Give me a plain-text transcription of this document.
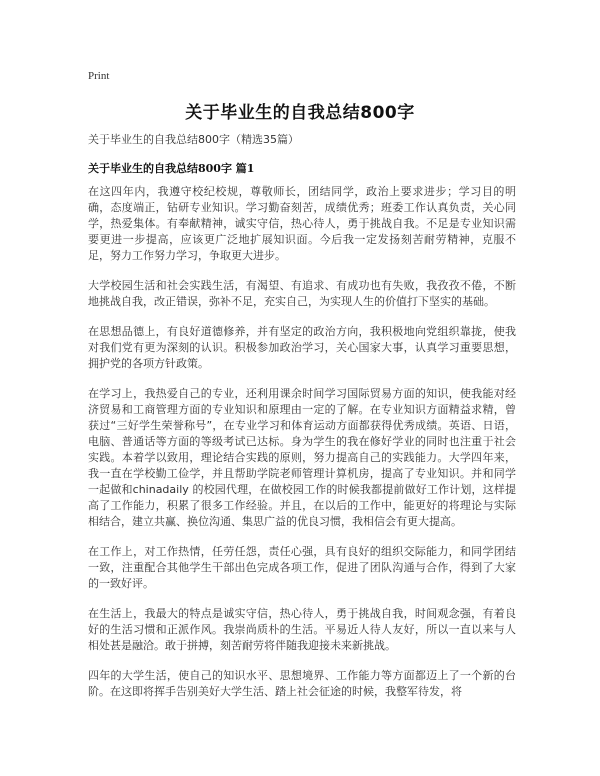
Print
关于毕业生的自我总结800字

关于毕业生的自我总结800字（精选35篇）

关于毕业生的自我总结800字 篇1

在这四年内，我遵守校纪校规，尊敬师长，团结同学，政治上要求进步；学习目的明确，态度端正，钻研专业知识。学习勤奋刻苦，成绩优秀；班委工作认真负责，关心同学，热爱集体。有奉献精神，诚实守信，热心待人，勇于挑战自我。不足是专业知识需要更进一步提高，应该更广泛地扩展知识面。今后我一定发扬刻苦耐劳精神，克服不足，努力工作努力学习，争取更大进步。

大学校园生活和社会实践生活，有渴望、有追求、有成功也有失败，我孜孜不倦，不断地挑战自我，改正错误，弥补不足，充实自己，为实现人生的价值打下坚实的基础。

在思想品德上，有良好道德修养，并有坚定的政治方向，我积极地向党组织靠拢，使我对我们党有更为深刻的认识。积极参加政治学习，关心国家大事，认真学习重要思想，拥护党的各项方针政策。

在学习上，我热爱自己的专业，还利用课余时间学习国际贸易方面的知识，使我能对经济贸易和工商管理方面的专业知识和原理由一定的了解。在专业知识方面精益求精，曾获过“三好学生荣誉称号”，在专业学习和体育运动方面都获得优秀成绩。英语、日语，电脑、普通话等方面的等级考试已达标。身为学生的我在修好学业的同时也注重于社会实践。本着学以致用，理论结合实践的原则，努力提高自己的实践能力。大学四年来，我一直在学校勤工俭学，并且帮助学院老师管理计算机房，提高了专业知识。并和同学一起做和chinadaily 的校园代理，在做校园工作的时候我都提前做好工作计划，这样提高了工作能力，积累了很多工作经验。并且，在以后的工作中，能更好的将理论与实际相结合，建立共赢、换位沟通、集思广益的优良习惯，我相信会有更大提高。

在工作上，对工作热情，任劳任怨，责任心强，具有良好的组织交际能力，和同学团结一致，注重配合其他学生干部出色完成各项工作，促进了团队沟通与合作，得到了大家的一致好评。

在生活上，我最大的特点是诚实守信，热心待人，勇于挑战自我，时间观念强，有着良好的生活习惯和正派作风。我崇尚质朴的生活。平易近人待人友好，所以一直以来与人相处甚是融洽。敢于拼搏，刻苦耐劳将伴随我迎接未来新挑战。

四年的大学生活，使自己的知识水平、思想境界、工作能力等方面都迈上了一个新的台阶。在这即将挥手告别美好大学生活、踏上社会征途的时候，我整军待发，将
